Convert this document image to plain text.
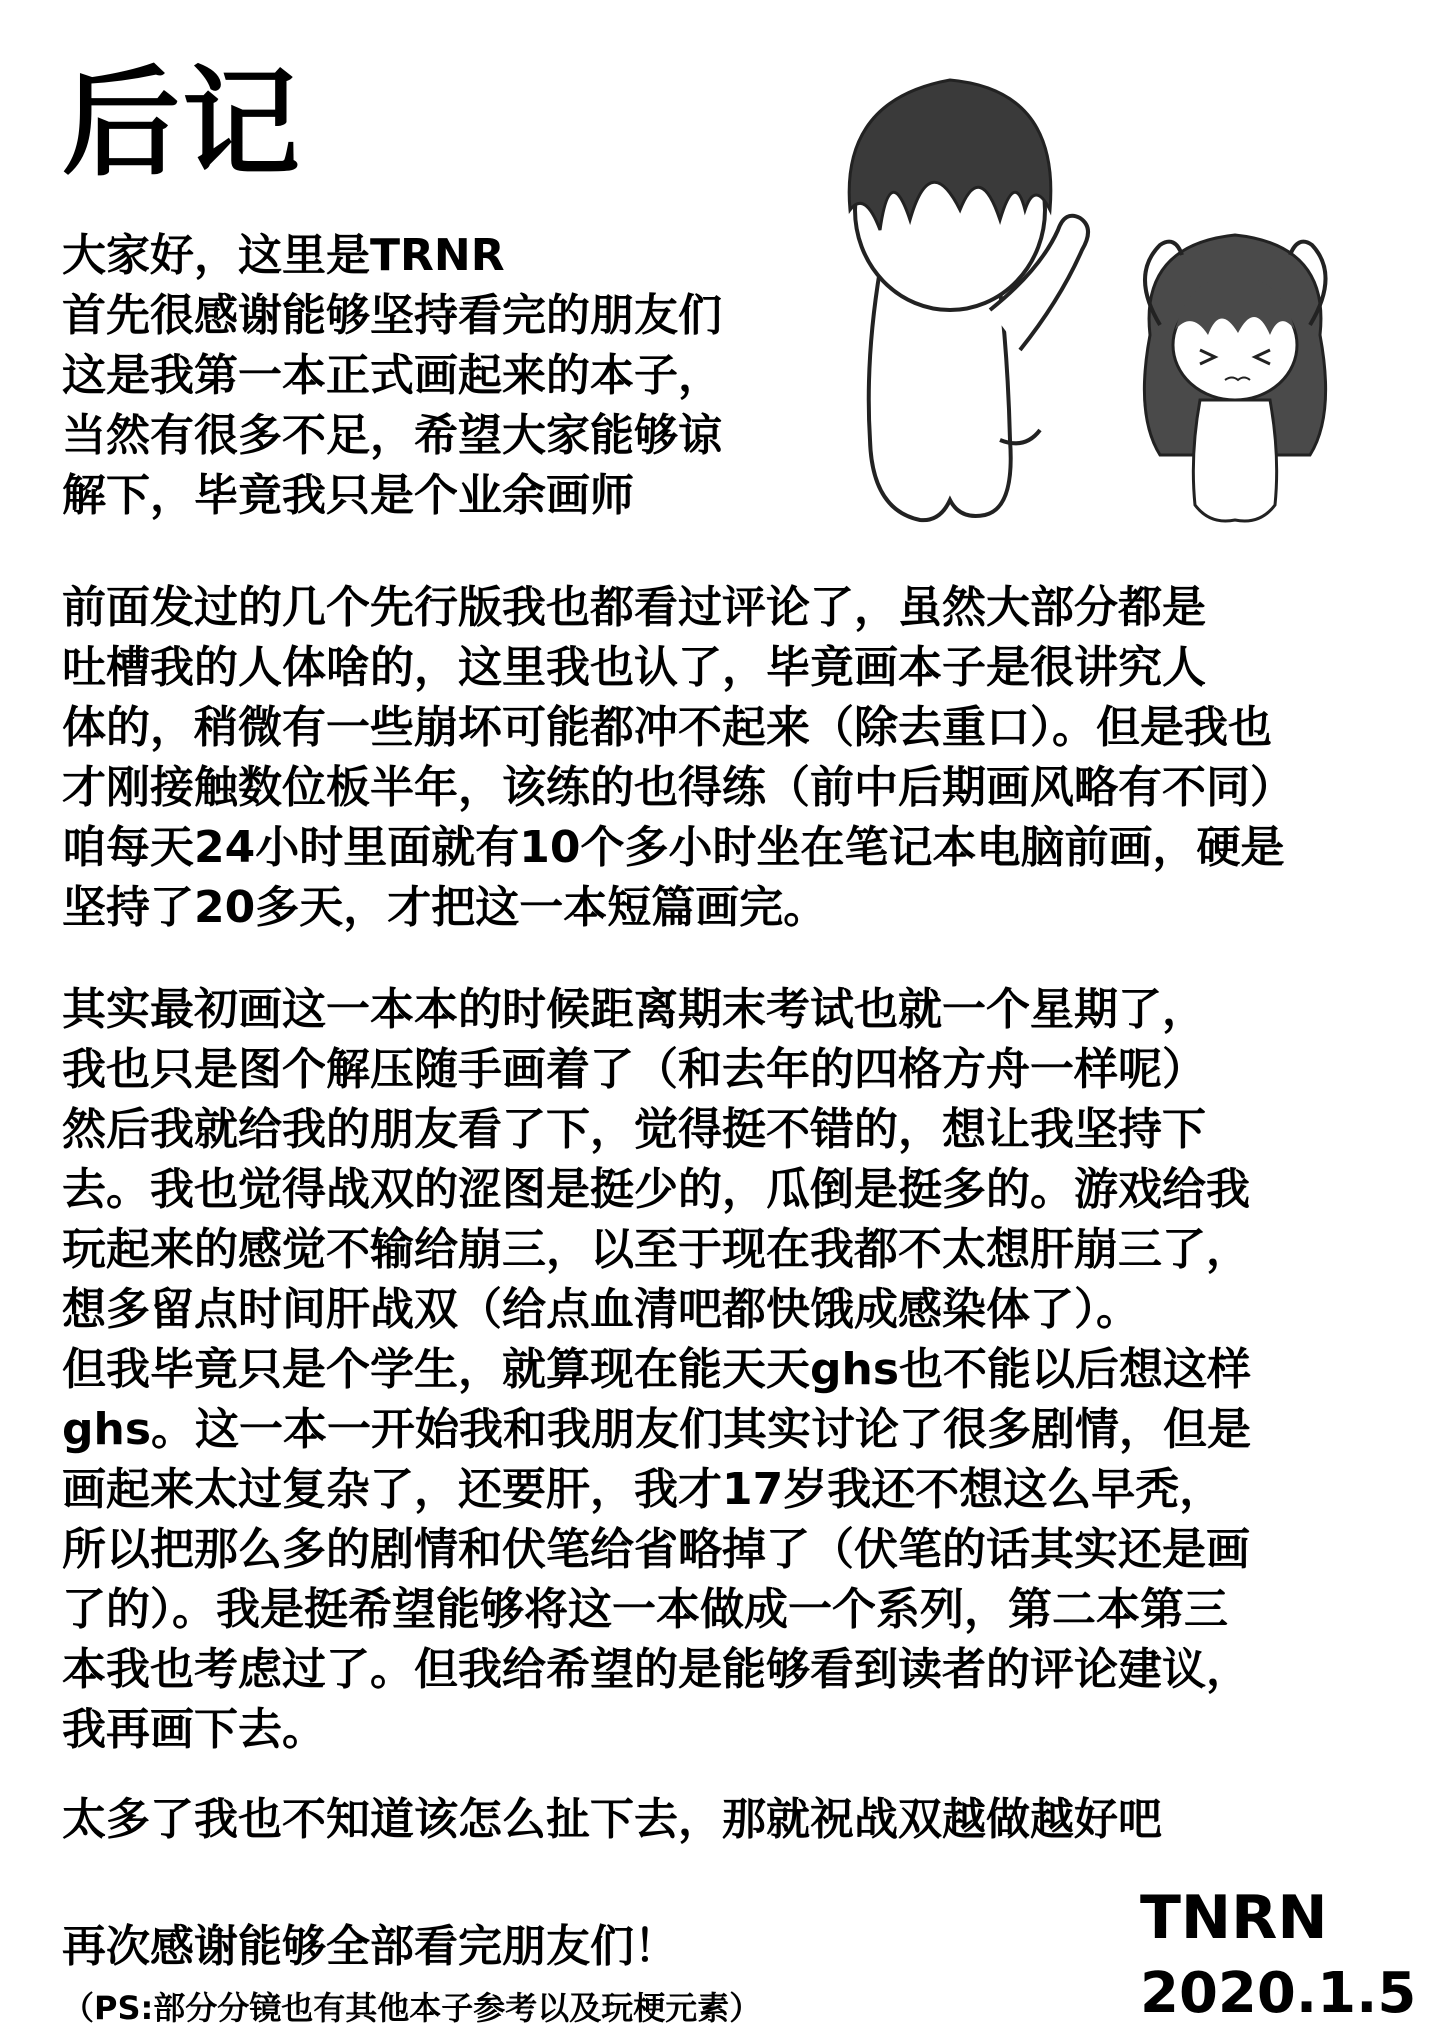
后记

大家好，这里是TRNR
首先很感谢能够坚持看完的朋友们
这是我第一本正式画起来的本子，
当然有很多不足，希望大家能够谅
解下，毕竟我只是个业余画师

前面发过的几个先行版我也都看过评论了，虽然大部分都是
吐槽我的人体啥的，这里我也认了，毕竟画本子是很讲究人
体的，稍微有一些崩坏可能都冲不起来（除去重口）。但是我也
才刚接触数位板半年，该练的也得练（前中后期画风略有不同）
咱每天24小时里面就有10个多小时坐在笔记本电脑前画，硬是
坚持了20多天，才把这一本短篇画完。

其实最初画这一本本的时候距离期末考试也就一个星期了，
我也只是图个解压随手画着了（和去年的四格方舟一样呢）
然后我就给我的朋友看了下，觉得挺不错的，想让我坚持下
去。我也觉得战双的涩图是挺少的，瓜倒是挺多的。游戏给我
玩起来的感觉不输给崩三，以至于现在我都不太想肝崩三了，
想多留点时间肝战双（给点血清吧都快饿成感染体了）。
但我毕竟只是个学生，就算现在能天天ghs也不能以后想这样
ghs。这一本一开始我和我朋友们其实讨论了很多剧情，但是
画起来太过复杂了，还要肝，我才17岁我还不想这么早秃，
所以把那么多的剧情和伏笔给省略掉了（伏笔的话其实还是画
了的）。我是挺希望能够将这一本做成一个系列，第二本第三
本我也考虑过了。但我给希望的是能够看到读者的评论建议，
我再画下去。

太多了我也不知道该怎么扯下去，那就祝战双越做越好吧

再次感谢能够全部看完朋友们！

（PS:部分分镜也有其他本子参考以及玩梗元素）
TNRN
2020.1.5
